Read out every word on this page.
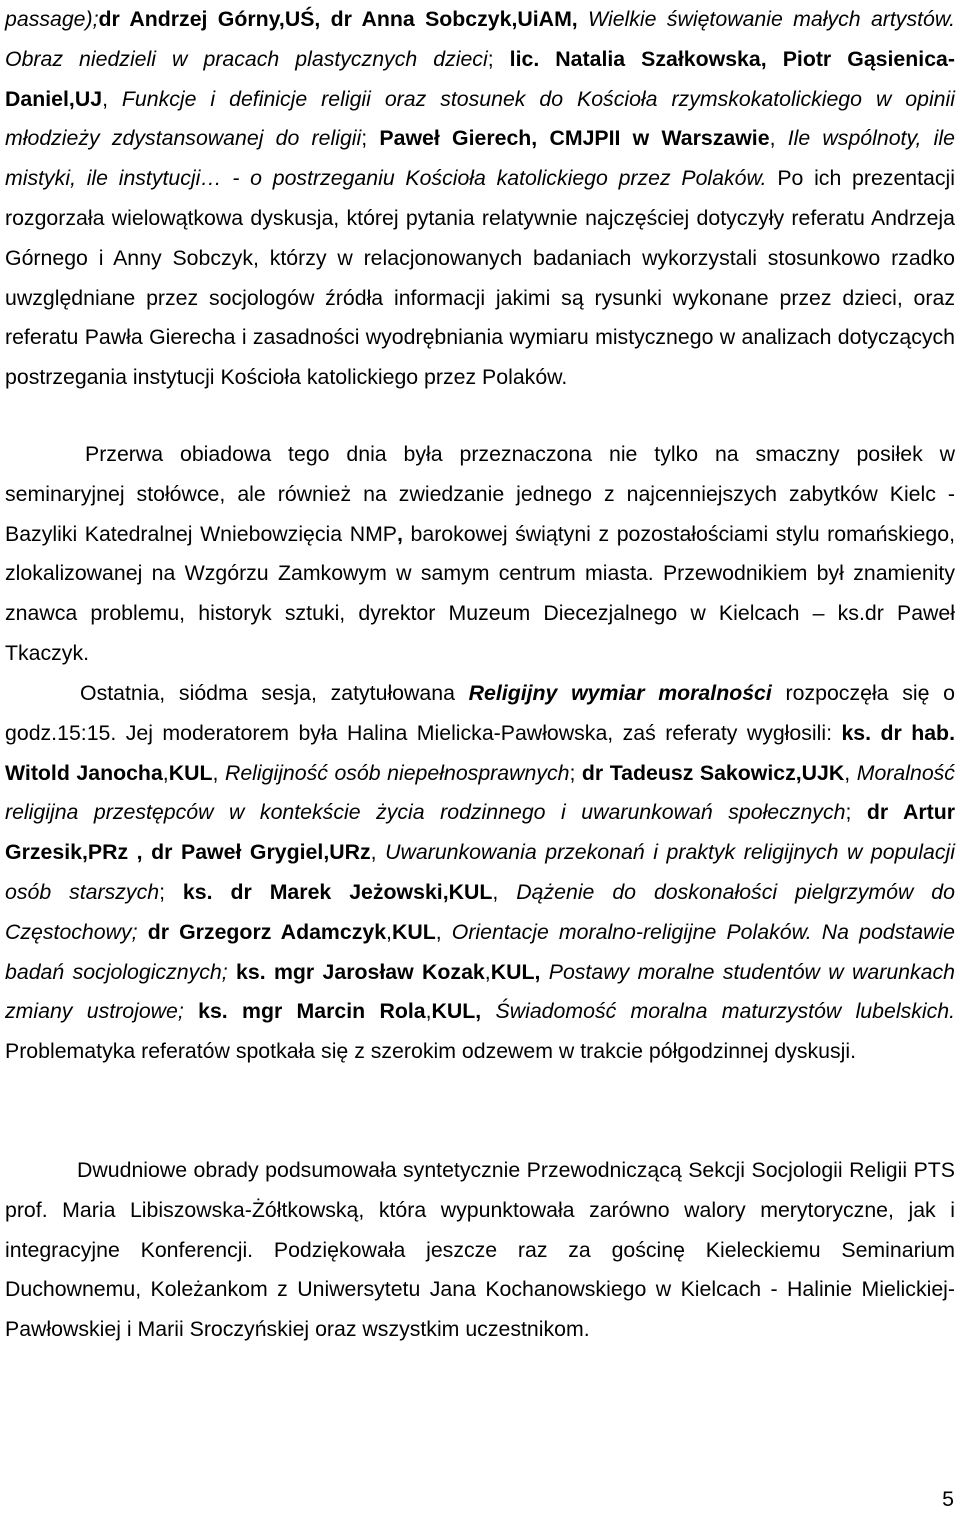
passage);dr Andrzej Górny,UŚ, dr Anna Sobczyk,UiAM, Wielkie świętowanie małych artystów. Obraz niedzieli w pracach plastycznych dzieci; lic. Natalia Szałkowska, Piotr Gąsienica-Daniel,UJ, Funkcje i definicje religii oraz stosunek do Kościoła rzymskokatolickiego w opinii młodzieży zdystansowanej do religii; Paweł Gierech, CMJPII w Warszawie, Ile wspólnoty, ile mistyki, ile instytucji… - o postrzeganiu Kościoła katolickiego przez Polaków. Po ich prezentacji rozgorzała wielowątkowa dyskusja, której pytania relatywnie najczęściej dotyczyły referatu Andrzeja Górnego i Anny Sobczyk, którzy w relacjonowanych badaniach wykorzystali stosunkowo rzadko uwzględniane przez socjologów źródła informacji jakimi są rysunki wykonane przez dzieci, oraz referatu Pawła Gierecha i zasadności wyodrębniania wymiaru mistycznego w analizach dotyczących postrzegania instytucji Kościoła katolickiego przez Polaków.

Przerwa obiadowa tego dnia była przeznaczona nie tylko na smaczny posiłek w seminaryjnej stołówce, ale również na zwiedzanie jednego z najcenniejszych zabytków Kielc - Bazyliki Katedralnej Wniebowzięcia NMP, barokowej świątyni z pozostałościami stylu romańskiego, zlokalizowanej na Wzgórzu Zamkowym w samym centrum miasta. Przewodnikiem był znamienity znawca problemu, historyk sztuki, dyrektor Muzeum Diecezjalnego w Kielcach – ks.dr Paweł Tkaczyk.

Ostatnia, siódma sesja, zatytułowana Religijny wymiar moralności rozpoczęła się o godz.15:15. Jej moderatorem była Halina Mielicka-Pawłowska, zaś referaty wygłosili: ks. dr hab. Witold Janocha,KUL, Religijność osób niepełnosprawnych; dr Tadeusz Sakowicz,UJK, Moralność religijna przestępców w kontekście życia rodzinnego i uwarunkowań społecznych; dr Artur Grzesik,PRz , dr Paweł Grygiel,URz, Uwarunkowania przekonań i praktyk religijnych w populacji osób starszych; ks. dr Marek Jeżowski,KUL, Dążenie do doskonałości pielgrzymów do Częstochowy; dr Grzegorz Adamczyk,KUL, Orientacje moralno-religijne Polaków. Na podstawie badań socjologicznych; ks. mgr Jarosław Kozak,KUL, Postawy moralne studentów w warunkach zmiany ustrojowe; ks. mgr Marcin Rola,KUL, Świadomość moralna maturzystów lubelskich. Problematyka referatów spotkała się z szerokim odzewem w trakcie półgodzinnej dyskusji.

Dwudniowe obrady podsumowała syntetycznie Przewodniczącą Sekcji Socjologii Religii PTS prof. Maria Libiszowska-Żółtkowską, która wypunktowała zarówno walory merytoryczne, jak i integracyjne Konferencji. Podziękowała jeszcze raz za gościnę Kieleckiemu Seminarium Duchownemu, Koleżankom z Uniwersytetu Jana Kochanowskiego w Kielcach - Halinie Mielickiej-Pawłowskiej i Marii Sroczyńskiej oraz wszystkim uczestnikom.

5
